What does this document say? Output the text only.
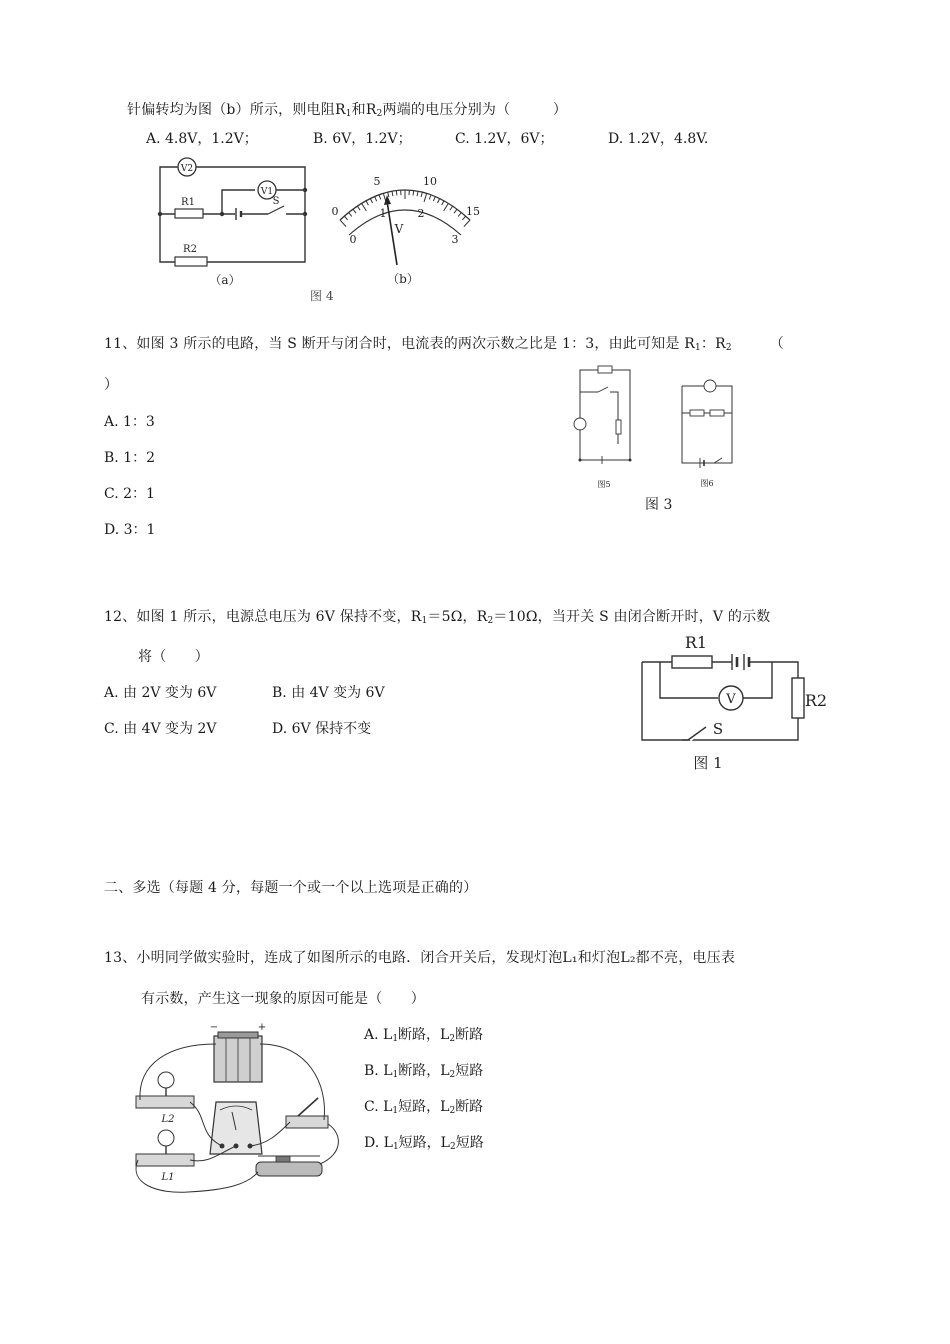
针偏转均为图（b）所示，则电阻$R_1$和$R_2$两端的电压分别为（　　　）
A. 4.8V，1.2V；	B. 6V，1.2V；	C. 1.2V，6V；	D. 1.2V，4.8V.
V2
R1	S
V1
R2
（a）
0
5	10
15
0
1	2
3
V
（b）
图 4
11、如图 3 所示的电路，当 S 断开与闭合时，电流表的两次示数之比是 1：3，由此可知是 $R_1$：$R_2$	（
）
A. 1：3
B. 1：2
C. 2：1
D. 3：1
图5	图6
图 3
12、如图 1 所示，电源总电压为 6V 保持不变，$R_1=5\Omega$，$R_2=10\Omega$，当开关 S 由闭合断开时，V 的示数
将（　　）
A. 由 2V 变为 6V	B. 由 4V 变为 6V
C. 由 4V 变为 2V	D. 6V 保持不变
R1
R2
V
S
图 1
二、多选（每题 4 分，每题一个或一个以上选项是正确的）
13、小明同学做实验时，连成了如图所示的电路．闭合开关后，发现灯泡L₁和灯泡L₂都不亮，电压表
有示数，产生这一现象的原因可能是（　　）
A. $L_1$断路，$L_2$断路
B. $L_1$断路，$L_2$短路
C. $L_1$短路，$L_2$断路
D. $L_1$短路，$L_2$短路
−	+
L2
L1
